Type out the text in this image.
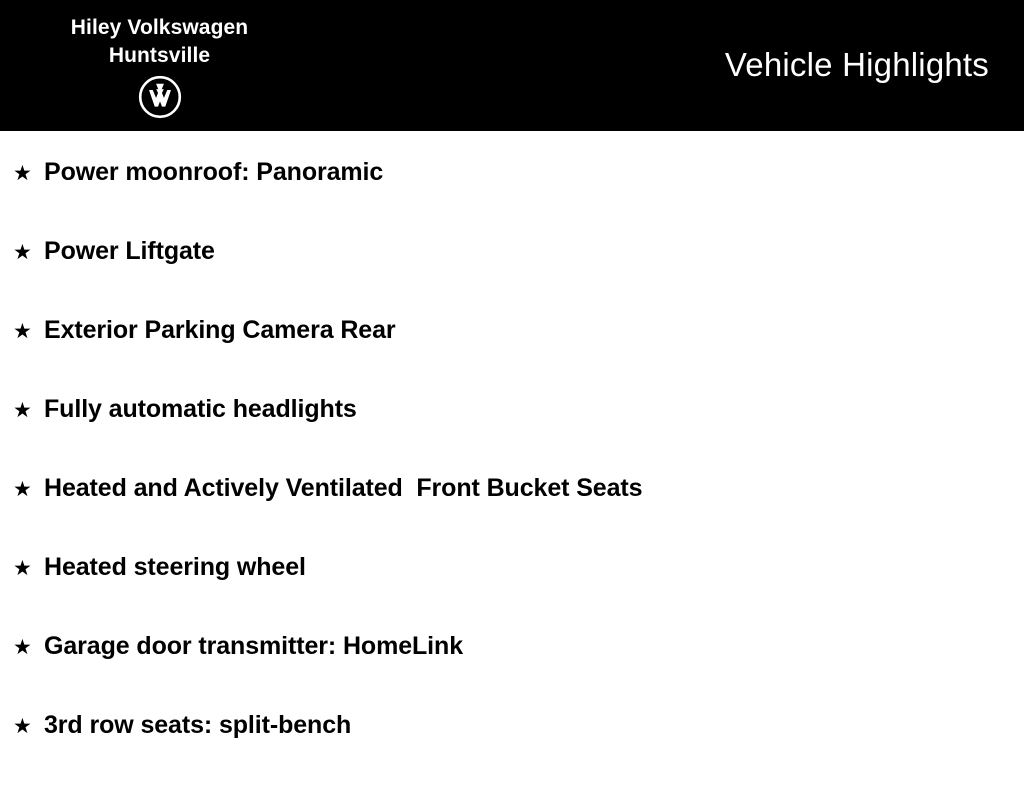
Hiley Volkswagen
Huntsville	Vehicle Highlights
★ Power moonroof: Panoramic
★ Power Liftgate
★ Exterior Parking Camera Rear
★ Fully automatic headlights
★ Heated and Actively Ventilated  Front Bucket Seats
★ Heated steering wheel
★ Garage door transmitter: HomeLink
★ 3rd row seats: split-bench
